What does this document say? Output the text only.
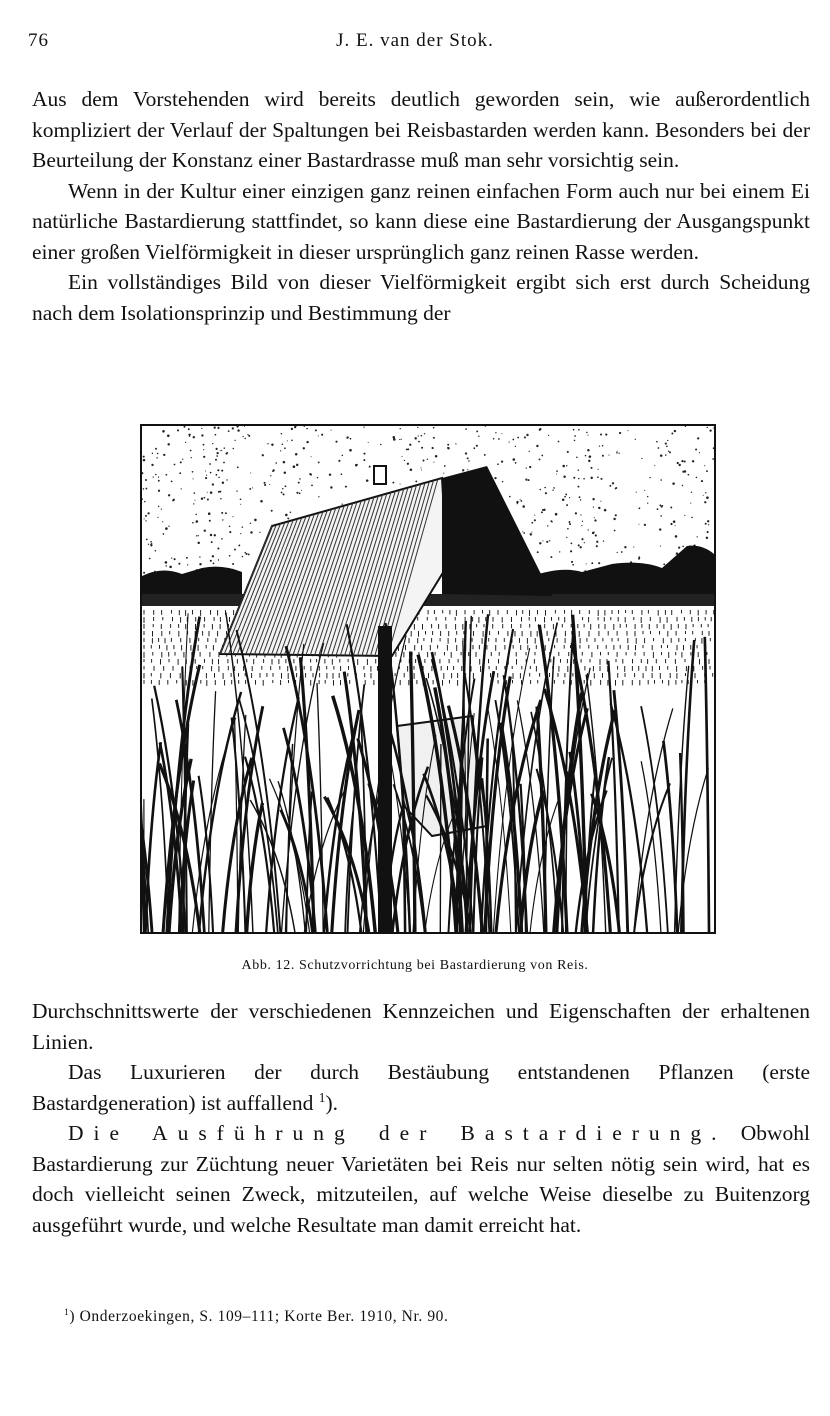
76	J. E. van der Stok.

Aus dem Vorstehenden wird bereits deutlich geworden sein, wie außerordentlich kompliziert der Verlauf der Spaltungen bei Reisbastarden werden kann. Besonders bei der Beurteilung der Konstanz einer Bastardrasse muß man sehr vorsichtig sein.

Wenn in der Kultur einer einzigen ganz reinen einfachen Form auch nur bei einem Ei natürliche Bastardierung stattfindet, so kann diese eine Bastardierung der Ausgangspunkt einer großen Vielförmigkeit in dieser ursprünglich ganz reinen Rasse werden.

Ein vollständiges Bild von dieser Vielförmigkeit ergibt sich erst durch Scheidung nach dem Isolationsprinzip und Bestimmung der

Abb. 12. Schutzvorrichtung bei Bastardierung von Reis.

Durchschnittswerte der verschiedenen Kennzeichen und Eigenschaften der erhaltenen Linien.

Das Luxurieren der durch Bestäubung entstandenen Pflanzen (erste Bastardgeneration) ist auffallend $^1$).

Die Ausführung der Bastardierung. Obwohl Bastardierung zur Züchtung neuer Varietäten bei Reis nur selten nötig sein wird, hat es doch vielleicht seinen Zweck, mitzuteilen, auf welche Weise dieselbe zu Buitenzorg ausgeführt wurde, und welche Resultate man damit erreicht hat.

$^1$) Onderzoekingen, S. 109–111; Korte Ber. 1910, Nr. 90.
